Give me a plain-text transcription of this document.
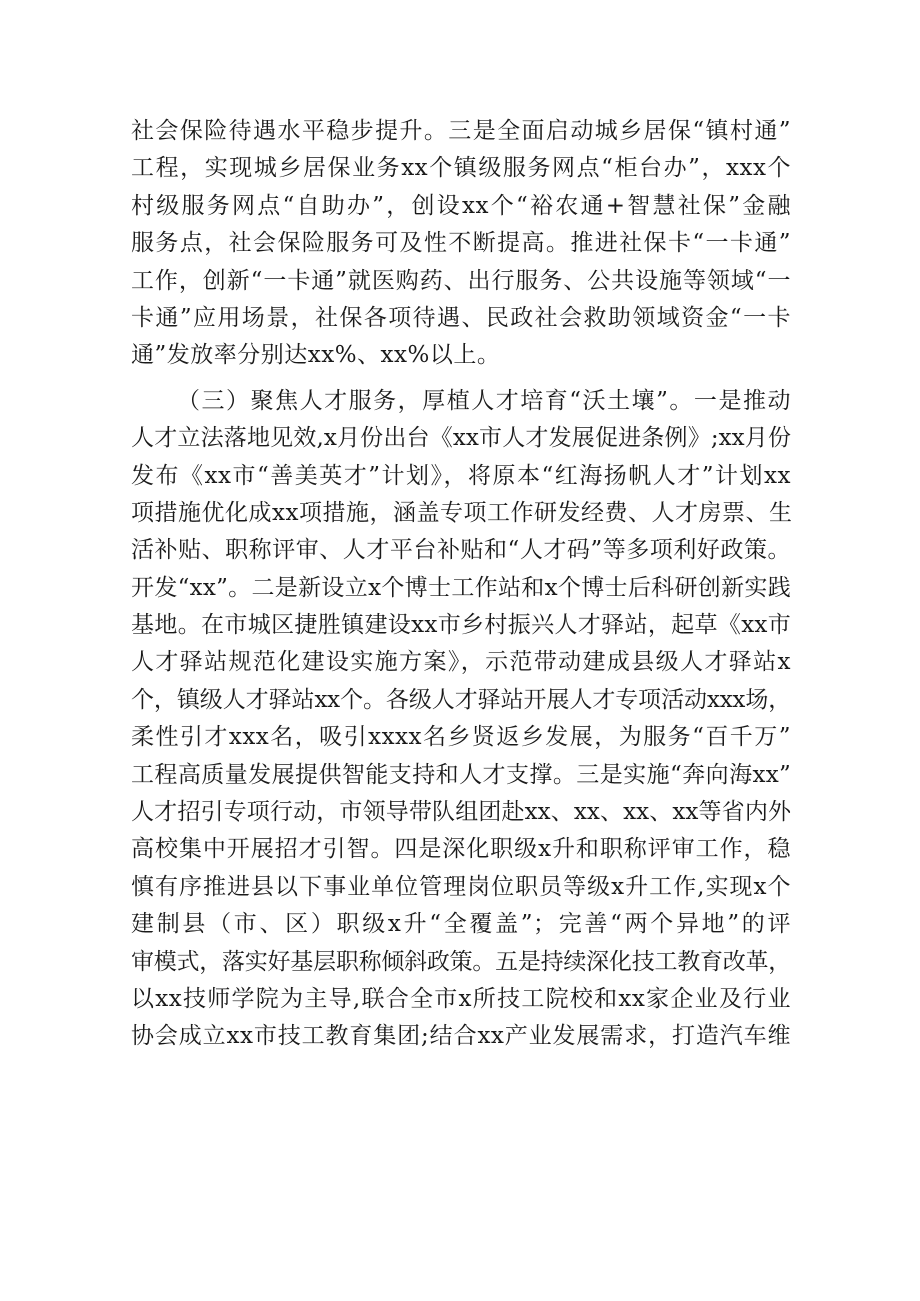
社会保险待遇水平稳步提升。三是全面启动城乡居保“镇村通”
工程，实现城乡居保业务xx个镇级服务网点“柜台办”，xxx个
村级服务网点“自助办”，创设xx个“裕农通+智慧社保”金融
服务点，社会保险服务可及性不断提高。推进社保卡“一卡通”
工作，创新“一卡通”就医购药、出行服务、公共设施等领域“一
卡通”应用场景，社保各项待遇、民政社会救助领域资金“一卡
通”发放率分别达xx%、xx%以上。
（三）聚焦人才服务，厚植人才培育“沃土壤”。一是推动
人才立法落地见效,x月份出台《xx市人才发展促进条例》;xx月份
发布《xx市“善美英才”计划》，将原本“红海扬帆人才”计划xx
项措施优化成xx项措施，涵盖专项工作研发经费、人才房票、生
活补贴、职称评审、人才平台补贴和“人才码”等多项利好政策。
开发“xx”。二是新设立x个博士工作站和x个博士后科研创新实践
基地。在市城区捷胜镇建设xx市乡村振兴人才驿站，起草《xx市
人才驿站规范化建设实施方案》，示范带动建成县级人才驿站x
个，镇级人才驿站xx个。各级人才驿站开展人才专项活动xxx场，
柔性引才xxx名，吸引xxxx名乡贤返乡发展，为服务“百千万”
工程高质量发展提供智能支持和人才支撑。三是实施“奔向海xx”
人才招引专项行动，市领导带队组团赴xx、xx、xx、xx等省内外
高校集中开展招才引智。四是深化职级x升和职称评审工作，稳
慎有序推进县以下事业单位管理岗位职员等级x升工作,实现x个
建制县（市、区）职级x升“全覆盖”；完善“两个异地”的评
审模式，落实好基层职称倾斜政策。五是持续深化技工教育改革，
以xx技师学院为主导,联合全市x所技工院校和xx家企业及行业
协会成立xx市技工教育集团;结合xx产业发展需求，打造汽车维
